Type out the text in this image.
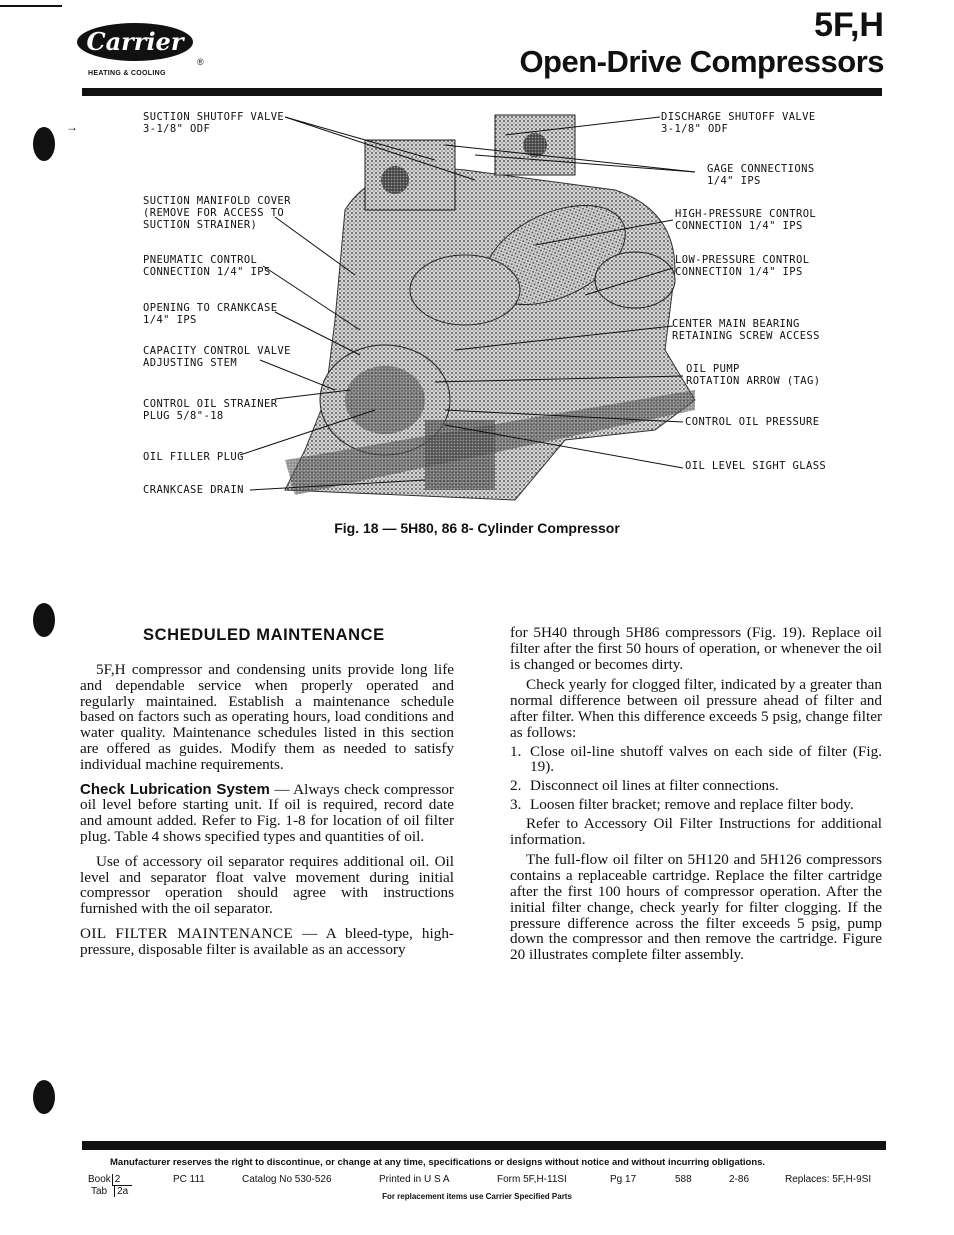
Carrier
®
HEATING & COOLING
5F,H
Open-Drive Compressors
→
SUCTION SHUTOFF VALVE
3-1/8" ODF
SUCTION MANIFOLD COVER
(REMOVE FOR ACCESS TO
SUCTION STRAINER)
PNEUMATIC CONTROL
CONNECTION 1/4" IPS
OPENING TO CRANKCASE
1/4" IPS
CAPACITY CONTROL VALVE
ADJUSTING STEM
CONTROL OIL STRAINER
PLUG 5/8"-18
OIL FILLER PLUG
CRANKCASE DRAIN
DISCHARGE SHUTOFF VALVE
3-1/8" ODF
GAGE CONNECTIONS
1/4" IPS
HIGH-PRESSURE CONTROL
CONNECTION 1/4" IPS
LOW-PRESSURE CONTROL
CONNECTION 1/4" IPS
CENTER MAIN BEARING
RETAINING SCREW ACCESS
OIL PUMP
ROTATION ARROW (TAG)
CONTROL OIL PRESSURE
OIL LEVEL SIGHT GLASS
Fig. 18 — 5H80, 86 8- Cylinder Compressor
SCHEDULED MAINTENANCE

5F,H compressor and condensing units provide long life and dependable service when properly operated and regularly maintained. Establish a maintenance schedule based on factors such as operating hours, load conditions and water quality. Maintenance schedules listed in this section are offered as guides. Modify them as needed to satisfy individual machine requirements.

Check Lubrication System — Always check compressor oil level before starting unit. If oil is required, record date and amount added. Refer to Fig. 1-8 for location of oil filter plug. Table 4 shows specified types and quantities of oil.

Use of accessory oil separator requires additional oil. Oil level and separator float valve movement during initial compressor operation should agree with instructions furnished with the oil separator.

OIL FILTER MAINTENANCE — A bleed-type, high-pressure, disposable filter is available as an accessory

for 5H40 through 5H86 compressors (Fig. 19). Replace oil filter after the first 50 hours of operation, or whenever the oil is changed or becomes dirty.

Check yearly for clogged filter, indicated by a greater than normal difference between oil pressure ahead of filter and after filter. When this difference exceeds 5 psig, change filter as follows:

1. Close oil-line shutoff valves on each side of filter (Fig. 19).
2. Disconnect oil lines at filter connections.
3. Loosen filter bracket; remove and replace filter body.

Refer to Accessory Oil Filter Instructions for additional information.

The full-flow oil filter on 5H120 and 5H126 compressors contains a replaceable cartridge. Replace the filter cartridge after the first 100 hours of compressor operation. After the initial filter change, check yearly for filter clogging. If the pressure difference across the filter exceeds 5 psig, pump down the compressor and then remove the cartridge. Figure 20 illustrates complete filter assembly.

Manufacturer reserves the right to discontinue, or change at any time, specifications or designs without notice and without incurring obligations.
Book 2
Tab 2a
PC 111	Catalog No 530-526	Printed in U S A	Form 5F,H-11SI	Pg 17	588	2-86	Replaces: 5F,H-9SI
For replacement items use Carrier Specified Parts
